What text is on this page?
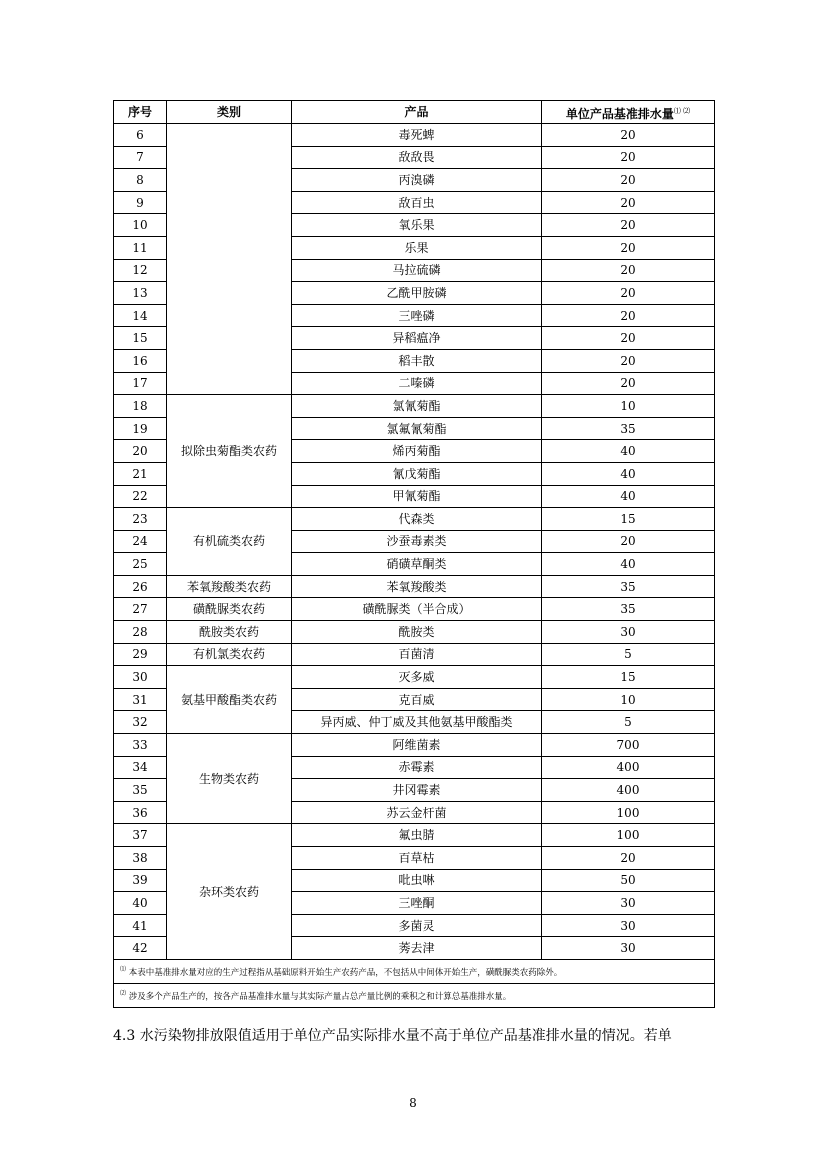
序号	类别	产品	单位产品基准排水量⑴ ⑵
6		毒死蜱	20
7		敌敌畏	20
8		丙溴磷	20
9		敌百虫	20
10		氧乐果	20
11		乐果	20
12		马拉硫磷	20
13		乙酰甲胺磷	20
14		三唑磷	20
15		异稻瘟净	20
16		稻丰散	20
17		二嗪磷	20
18	拟除虫菊酯类农药	氯氰菊酯	10
19		氯氟氰菊酯	35
20		烯丙菊酯	40
21		氰戊菊酯	40
22		甲氰菊酯	40
23	有机硫类农药	代森类	15
24		沙蚕毒素类	20
25		硝磺草酮类	40
26	苯氧羧酸类农药	苯氧羧酸类	35
27	磺酰脲类农药	磺酰脲类（半合成）	35
28	酰胺类农药	酰胺类	30
29	有机氯类农药	百菌清	5
30	氨基甲酸酯类农药	灭多威	15
31		克百威	10
32		异丙威、仲丁威及其他氨基甲酸酯类	5
33	生物类农药	阿维菌素	700
34		赤霉素	400
35		井冈霉素	400
36		苏云金杆菌	100
37	杂环类农药	氟虫腈	100
38		百草枯	20
39		吡虫啉	50
40		三唑酮	30
41		多菌灵	30
42		莠去津	30
⑴ 本表中基准排水量对应的生产过程指从基础原料开始生产农药产品，不包括从中间体开始生产，磺酰脲类农药除外。			
⑵ 涉及多个产品生产的，按各产品基准排水量与其实际产量占总产量比例的乘积之和计算总基准排水量。			
4.3 水污染物排放限值适用于单位产品实际排水量不高于单位产品基准排水量的情况。若单
8
